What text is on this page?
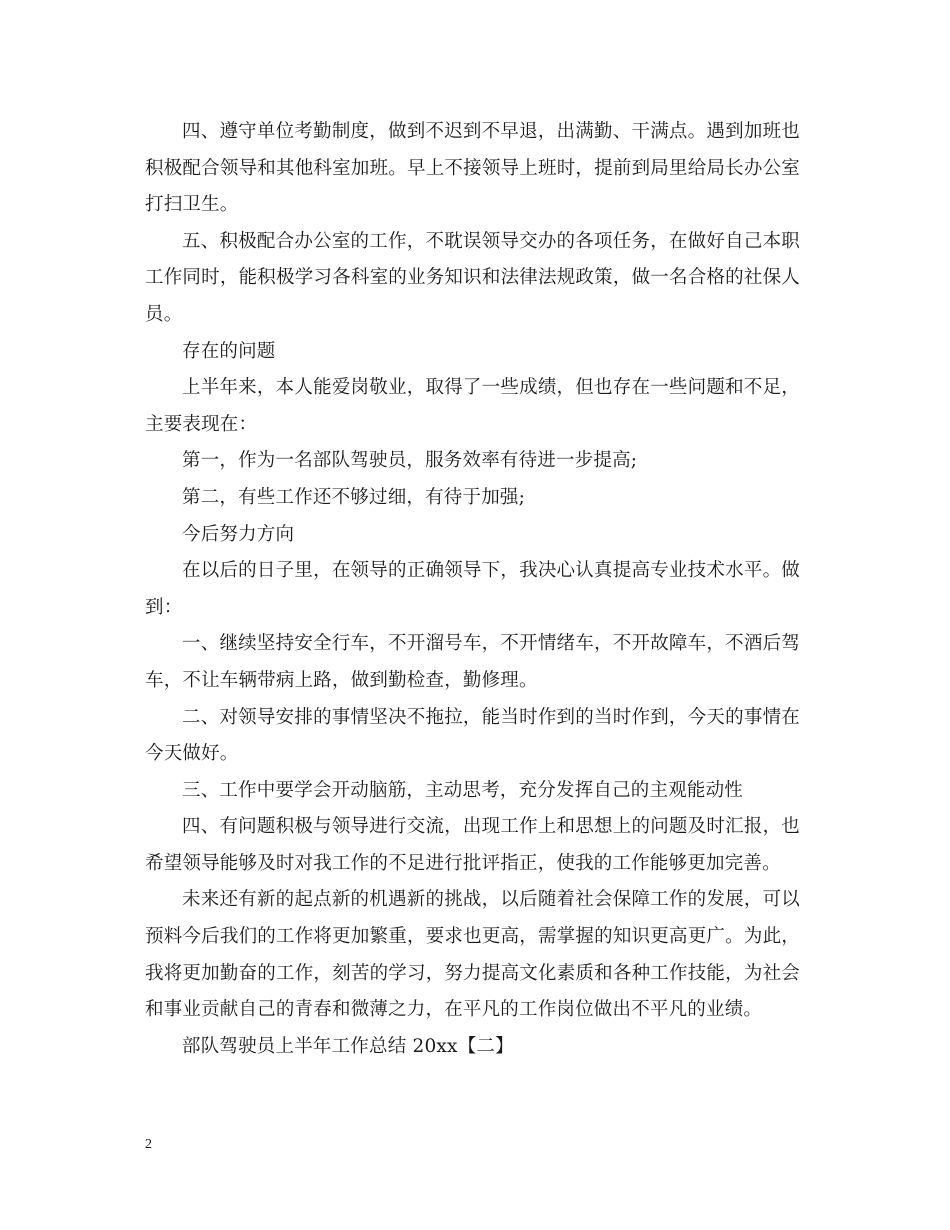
四、遵守单位考勤制度，做到不迟到不早退，出满勤、干满点。遇到加班也积极配合领导和其他科室加班。早上不接领导上班时，提前到局里给局长办公室打扫卫生。

五、积极配合办公室的工作，不耽误领导交办的各项任务，在做好自己本职工作同时，能积极学习各科室的业务知识和法律法规政策，做一名合格的社保人员。

存在的问题

上半年来，本人能爱岗敬业，取得了一些成绩，但也存在一些问题和不足，主要表现在：

第一，作为一名部队驾驶员，服务效率有待进一步提高;

第二，有些工作还不够过细，有待于加强;

今后努力方向

在以后的日子里，在领导的正确领导下，我决心认真提高专业技术水平。做到：

一、继续坚持安全行车，不开溜号车，不开情绪车，不开故障车，不酒后驾车，不让车辆带病上路，做到勤检查，勤修理。

二、对领导安排的事情坚决不拖拉，能当时作到的当时作到，今天的事情在今天做好。

三、工作中要学会开动脑筋，主动思考，充分发挥自己的主观能动性

四、有问题积极与领导进行交流，出现工作上和思想上的问题及时汇报，也希望领导能够及时对我工作的不足进行批评指正，使我的工作能够更加完善。

未来还有新的起点新的机遇新的挑战，以后随着社会保障工作的发展，可以预料今后我们的工作将更加繁重，要求也更高，需掌握的知识更高更广。为此，我将更加勤奋的工作，刻苦的学习，努力提高文化素质和各种工作技能，为社会和事业贡献自己的青春和微薄之力，在平凡的工作岗位做出不平凡的业绩。

部队驾驶员上半年工作总结 20xx【二】

2
